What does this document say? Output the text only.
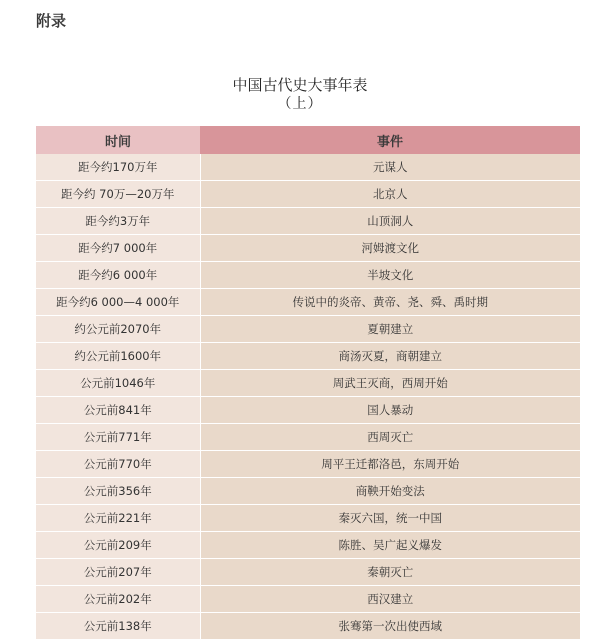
附录
中国古代史大事年表
（上）
时间	事件
距今约170万年	元谋人
距今约 70万—20万年	北京人
距今约3万年	山顶洞人
距今约7 000年	河姆渡文化
距今约6 000年	半坡文化
距今约6 000—4 000年	传说中的炎帝、黄帝、尧、舜、禹时期
约公元前2070年	夏朝建立
约公元前1600年	商汤灭夏，商朝建立
公元前1046年	周武王灭商，西周开始
公元前841年	国人暴动
公元前771年	西周灭亡
公元前770年	周平王迁都洛邑，东周开始
公元前356年	商鞅开始变法
公元前221年	秦灭六国，统一中国
公元前209年	陈胜、吴广起义爆发
公元前207年	秦朝灭亡
公元前202年	西汉建立
公元前138年	张骞第一次出使西域
